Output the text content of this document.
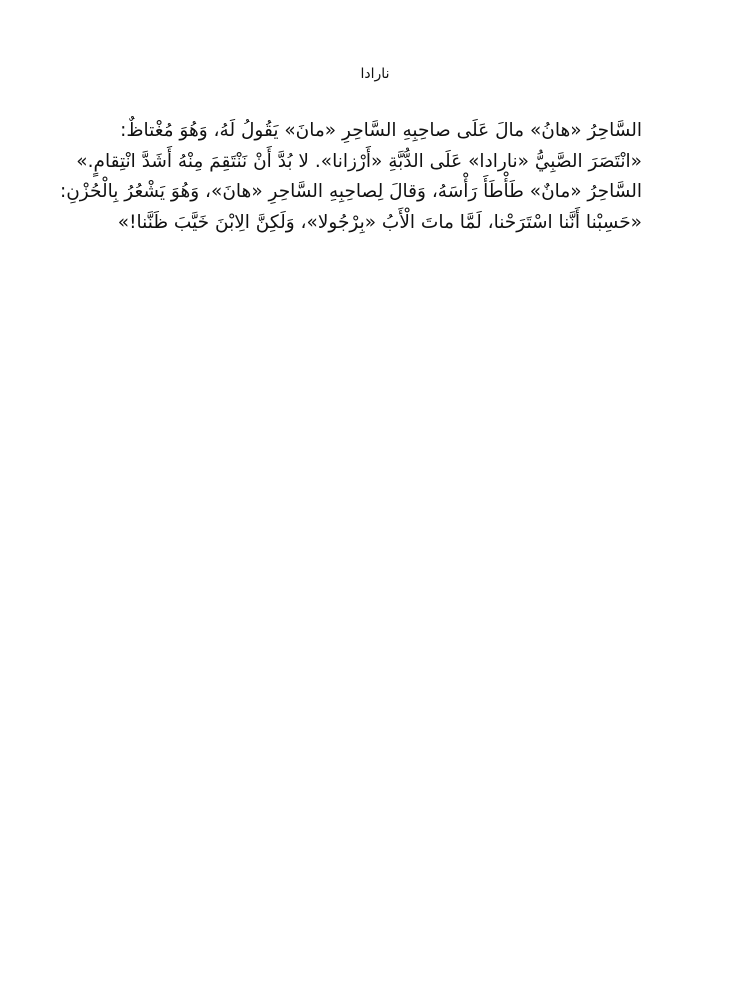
نارادا
السَّاحِرُ «هانُ» مالَ عَلَى صاحِبِهِ السَّاحِرِ «مانَ» يَقُولُ لَهُ، وَهُوَ مُغْتاظٌ:
«انْتَصَرَ الصَّبِيُّ «نارادا» عَلَى الدُّبَّةِ «أَرْزانا». لا بُدَّ أَنْ نَنْتَقِمَ مِنْهُ أَشَدَّ انْتِقامٍ.»
السَّاحِرُ «مانٌ» طَأْطَأَ رَأْسَهُ، وَقالَ لِصاحِبِهِ السَّاحِرِ «هانَ»، وَهُوَ يَشْعُرُ بِالْحُزْنِ:
«حَسِبْنا أَنَّنا اسْتَرَحْنا، لَمَّا ماتَ الْأَبُ «بِرْجُولا»، وَلَكِنَّ الِابْنَ خَيَّبَ ظَنَّنا!»
